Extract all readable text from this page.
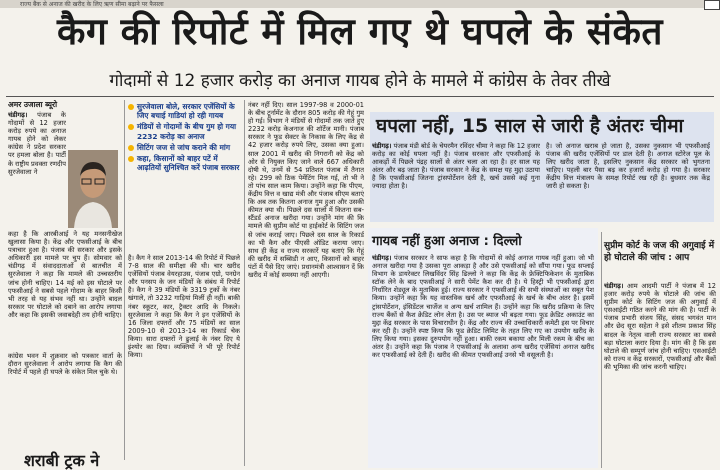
राज्य बैंक से अनाज की खरीद के लिए ऋण सीमा बढ़ाने पर फैसला
कैग की रिपोर्ट में मिल गए थे घपले के संकेत
गोदामों से 12 हजार करोड़ का अनाज गायब होने के मामले में कांग्रेस के तेवर तीखे
अमर उजाला ब्यूरो
चंडीगढ़। पंजाब के गोदामों से 12 हजार करोड़ रुपये का अनाज गायब होने को लेकर कांग्रेस ने प्रदेश सरकार पर हमला बोला है। पार्टी के राष्ट्रीय प्रवक्ता रणदीप सुरजेवाला ने
कहा है कि आरबीआई ने यह मनसनीखेज खुलासा किया है। केंद्र और एफसीआई के बीच पत्राचार हुआ है। पंजाब की सरकार और इसके अधिकारी इस मामले पर चुप हैं। सोमवार को चंडीगढ़ में संवाददाताओं से बातचीत में सुरजेवाला ने कहा कि मामले की उच्चस्तरीय जांच होनी चाहिए। 14 मई को इस घोटाले पर एफसीआई ने सबसे पहले गोदाम के बाहर किसी भी तरह से यह संभव नहीं था। उन्होंने बादल सरकार पर घोटाले को दबाने का आरोप लगाया और कहा कि इसकी जवाबदेही तय होनी चाहिए।
कांग्रेस भवन में शुक्रवार को पत्रकार वार्ता के दौरान सुरजेवाला ने आरोप लगाया कि कैग की रिपोर्ट में पहले ही घपले के संकेत मिल चुके थे।
शराबी ट्रक ने
सुरजेवाला बोले, सरकार एजेंसियों के जिए बचाई गाडियां हो रही गायब
मंडियों से गोदामों के बीच गुम हो गया 2232 करोड़ का अनाज
सिटिंग जज से जांच कराने की मांग
कहा, किसानों को बाहर पटें में आढ़तियों सुनिश्चित करें पंजाब सरकार
है। कैग ने साल 2013-14 की रिपोर्ट में पिछले 7-8 साल की समीक्षा की थी। चार खरीद एजेंसियों पंजाब वेयरहाउस, पंजाब एग्रो, पनग्रेन और पनसप के जन मंडियों के संबंध में रिपोर्ट है। कैग ने 39 मंडियों के 3319 ट्रकों के नंबर खंगाले, तो 3232 गाड़ियां मिलीं ही नहीं। बाकी नंबर स्कूटर, कार, ट्रैक्टर आदि के निकले। सुरजेवाला ने कहा कि कैग ने इन एजेंसियों के 16 जिला दफ्तरों और 75 मंडियों का साल 2009-10 से 2013-14 का रिकार्ड चेक किया। सारा दफ्तरों ने ढुलाई के नंबर दिए ये इंश्योर का दिया। व्यक्तियों ने भी पूरे रिपोर्ट किया।
नंबर नहीं दिए। साल 1997-98 व 2000-01 के बीच टूर्नामेंट के दौरान 805 करोड़ की गेहूं गुम हो गई। विभाग ने मंडियों से गोदामों तक जाते हुए 2232 करोड़ केअनाज की शॉर्टेज मानी। पंजाब सरकार ने फूड सेक्टर के निकास के लिए केंद्र से 42 हजार करोड़ रुपये लिए, उसका क्या हुआ। साल 2001 में खरीद की निगरानी को केंद्र को ओर से नियुक्त किए जाने वाले 667 अधिकारी दोषी थे, उनमें से 54 प्रतिशत पंजाब में तैनात रहे। 299 को ठिक पेमेंटिंग मिल गई, तो भी ने तो पांच साल काम किया। उन्होंने कहा कि पीएम, केंद्रीय वित्त व खाद्य मंत्री और पंजाब सीएम बताएं कि अब तक कितना अनाज गुम हुआ और उसकी कीमत क्या थी। पिछले दस सालों में कितना सब-स्टैंडर्ड अनाज खरीदा गया। उन्होंने मांग की कि मामले की सुप्रीम कोर्ट या हाईकोर्ट के सिटिंग जज से जांच कराई जाए। पिछले दस साल के रिकार्ड का भी कैग और पीएसी ऑडिट कराया जाए। साथ ही केंद्र व राज्य सरकारें यह बताएं कि गेहूं की खरीद में सब्सिडी न आए, किसानों को बाहर पंटों में पैसे दिए जाएं। प्रधानमंत्री आश्वासन दें कि खरीद में कोई समस्या नहीं आएगी।
घपला नहीं, 15 साल से जारी है अंतरः चीमा
चंडीगढ़। पंजाब मंडी बोर्ड के चेयरमैन रविंदर चीमा ने कहा कि 12 हजार करोड़ का कोई घपला नहीं है। पंजाब सरकार और एफसीआई के आकड़ों में पिछले पंद्रह सालों से अंतर चला आ रहा है। हर साल यह अंतर और बढ़ जाता है। पंजाब सरकार ने केंद्र के समक्ष यह मुद्दा उठाया है कि एफसीआई जितना ट्रांसपोर्टेशन देती है, खर्च उससे कई गुना ज्यादा होता है।
है। जो अनाज खराब हो जाता है, उसका नुकसान भी एफसीआई पंजाब की खरीद एजेंसियों पर डाल देती है। अनाज स्टोरेज पूल के लिए खरीद जाता है, इसलिए नुकसान केंद्र सरकार को भुगतना चाहिए। पहली बार पैसा बढ़ कर हजारों करोड़ हो गया है। सरकार केंद्रीय वित्त मंत्रालय के समक्ष रिपोर्ट रख रही है। बुधवार तक केंद्र जारी हो सकता है।
गायब नहीं हुआ अनाज : दिल्लो
चंडीगढ़। पंजाब सरकार ने साफ कहा है कि गोदामों से कोई अनाज गायब नहीं हुआ। जो भी अनाज खरीदा गया है उसका पूरा आकड़ा है और उसे एफसीआई को सौंपा गया। फूड सप्लाई विभाग के डायरेक्टर लिखविंदर सिंह ढिल्लो ने कहा कि केंद्र के फ्रेक्टिफिकेशन के मुताबिक स्टॉक लेने के बाद एफसीआई ने सारी पेमेंट कैश कर दी है। ये हिस्ट्री भी एफसीआई द्वारा निर्धारित शेड्यूल के मुताबिक हुई। राज्य सरकार ने एफसीआई की सभी संस्थाओं का सबूत पेश किया। उन्होंने कहा कि यह वास्तविक खर्च और एफसीआई के खर्च के बीच अंतर है। इसमें ट्रांसपोर्टेशन, इंसिडेंटल चार्जेज व अन्य खर्च शामिल हैं। उन्होंने कहा कि खरीद प्रक्रिया के लिए राज्य बैंकों से कैश क्रेडिट लोन लेता है। उस पर ब्याज भी बढ़ता गया। फूड क्रेडिट अकाउंट का मुद्दा केंद्र सरकार के पास विचाराधीन है। केंद्र और राज्य की उच्चाधिकारी कमेटी इस पर विचार कर रही है। उन्होंने स्पष्ट किया कि फूड क्रेडिट लिमिट के तहत लिए गए का उपयोग खरीद के लिए किया गया। इसका दुरुपयोग नहीं हुआ। बाकी रकम बकाया और मिली रकम के बीच का अंतर है। उन्होंने कहा कि पंजाब ने एफसीआई के अलावा अन्य खरीद एजेंसियां अनाज खरीद कर एफसीआई को देती हैं। खरीद की कीमत एफसीआई उनसे भी वसूलती है।
सुप्रीम कोर्ट के जज की अगुवाई में हो घोटाले की जांच : आप
चंडीगढ़। आम आदमी पार्टी ने पंजाब में 12 हजार करोड़ रुपये के घोटाले की जांच की सुप्रीम कोर्ट के सिटिंग जज की अगुवाई में एसआईटी गठित करने की मांग की है। पार्टी के पंजाब प्रभारी संजय सिंह, संसद भगवंत मान और छेद सूरा सहेता ने इसे शीतम प्रकाश सिंह बादल के नेतृत्व वाली राज्य सरकार का सबसे बड़ा घोटाला करार दिया है। मांग की है कि इस घोटाले की सम्पूर्ण जांच होनी चाहिए। एसआईटी को राज्य व केंद्र सरकारों, एफसीआई और बैंकों की भूमिका की जांच करनी चाहिए।
